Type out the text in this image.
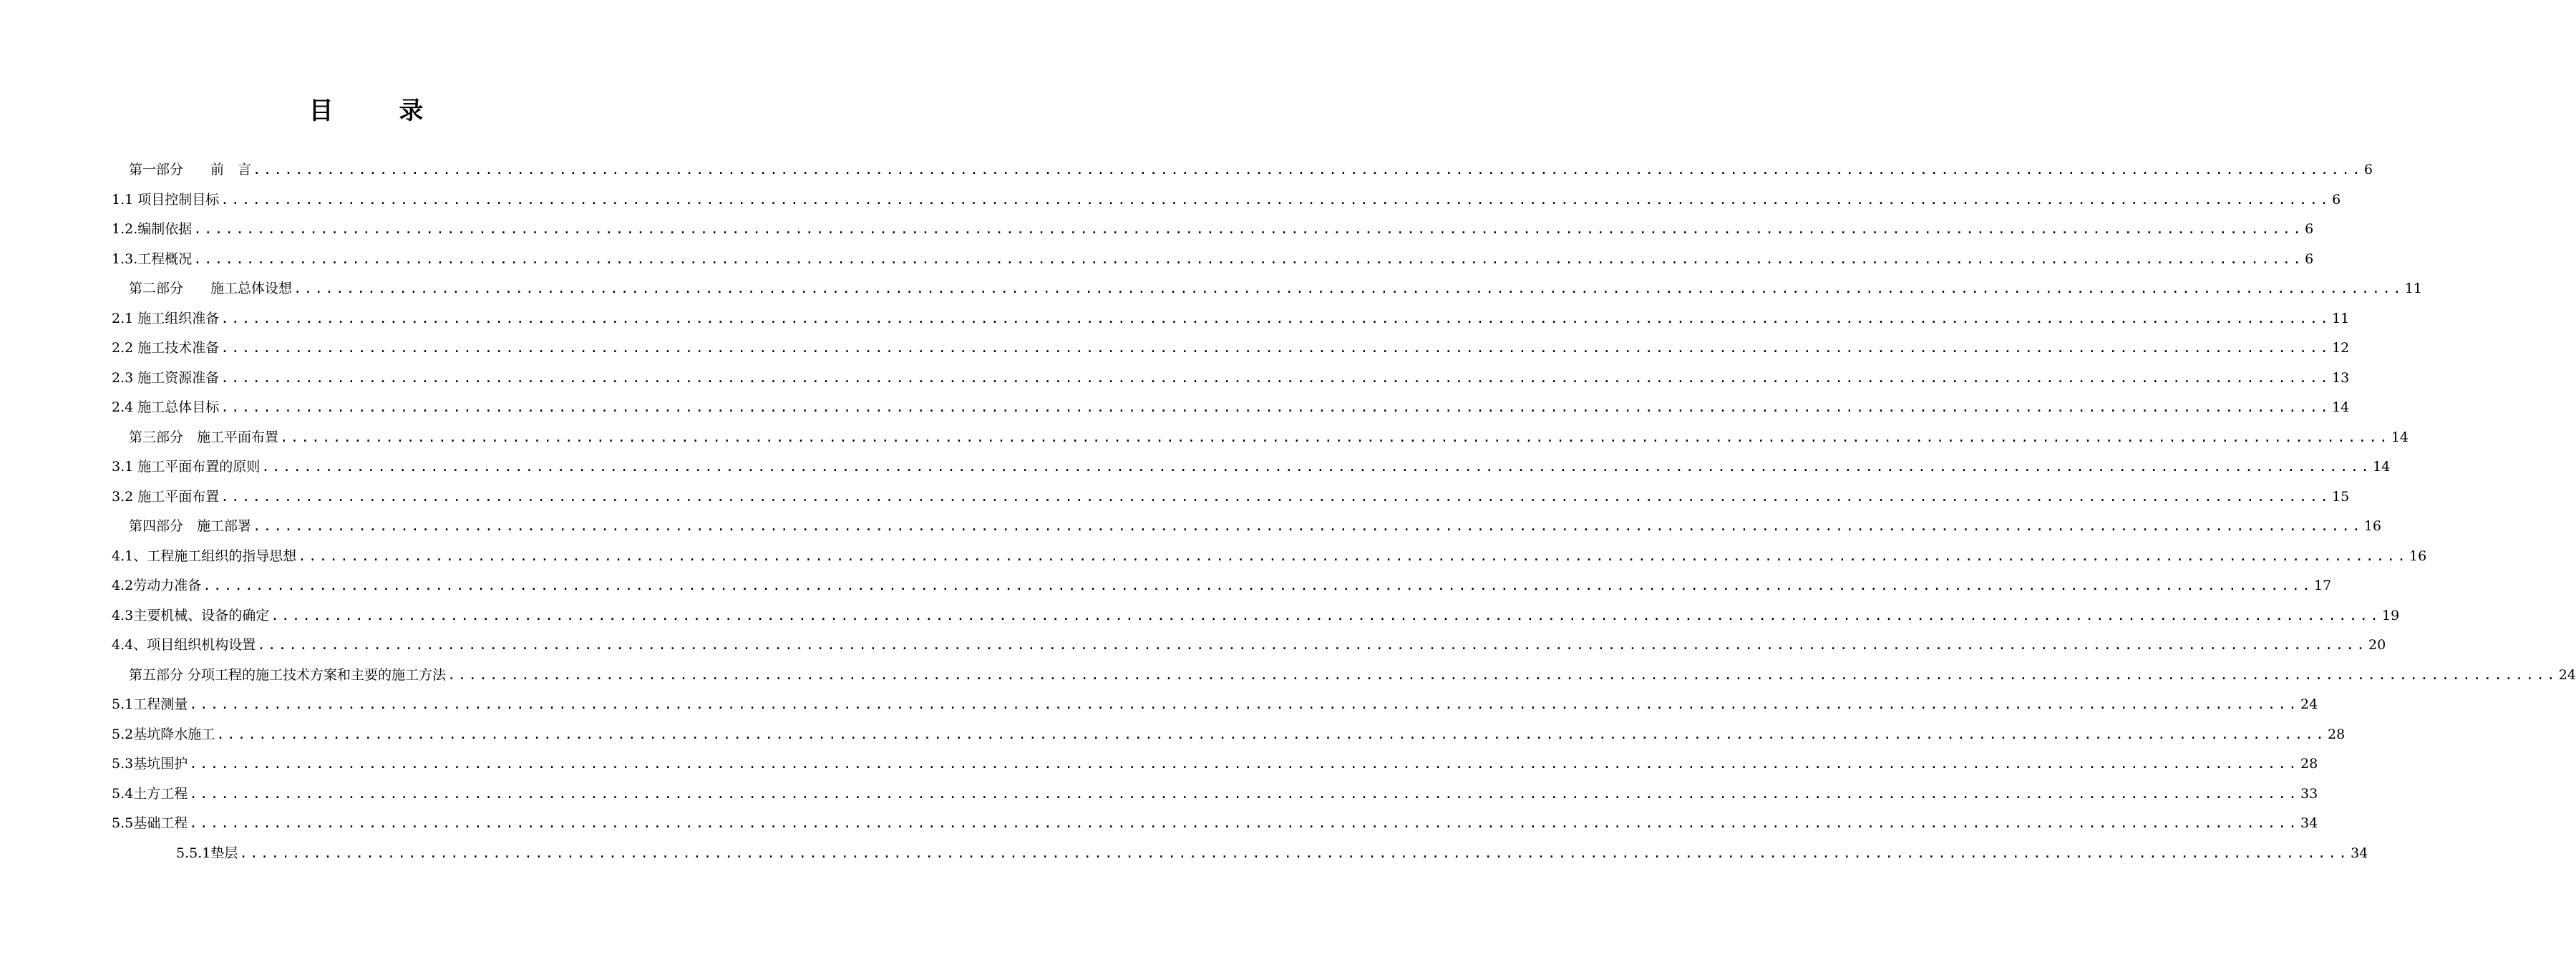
目 录
第一部分　　前　言 ........................................................................................................................................................................................................ 6
1.1 项目控制目标 ........................................................................................................................................................................................................ 6
1.2.编制依据 ........................................................................................................................................................................................................ 6
1.3.工程概况 ........................................................................................................................................................................................................ 6
第二部分　　施工总体设想 ........................................................................................................................................................................................................ 11
2.1 施工组织准备 ........................................................................................................................................................................................................ 11
2.2 施工技术准备 ........................................................................................................................................................................................................ 12
2.3 施工资源准备 ........................................................................................................................................................................................................ 13
2.4 施工总体目标 ........................................................................................................................................................................................................ 14
第三部分　施工平面布置 ........................................................................................................................................................................................................ 14
3.1 施工平面布置的原则 ........................................................................................................................................................................................................ 14
3.2 施工平面布置 ........................................................................................................................................................................................................ 15
第四部分　施工部署 ........................................................................................................................................................................................................ 16
4.1、工程施工组织的指导思想 ........................................................................................................................................................................................................ 16
4.2劳动力准备 ........................................................................................................................................................................................................ 17
4.3主要机械、设备的确定 ........................................................................................................................................................................................................ 19
4.4、项目组织机构设置 ........................................................................................................................................................................................................ 20
第五部分 分项工程的施工技术方案和主要的施工方法 ........................................................................................................................................................................................................ 24
5.1工程测量 ........................................................................................................................................................................................................ 24
5.2基坑降水施工 ........................................................................................................................................................................................................ 28
5.3基坑围护 ........................................................................................................................................................................................................ 28
5.4土方工程 ........................................................................................................................................................................................................ 33
5.5基础工程 ........................................................................................................................................................................................................ 34
5.5.1垫层 ........................................................................................................................................................................................................ 34
